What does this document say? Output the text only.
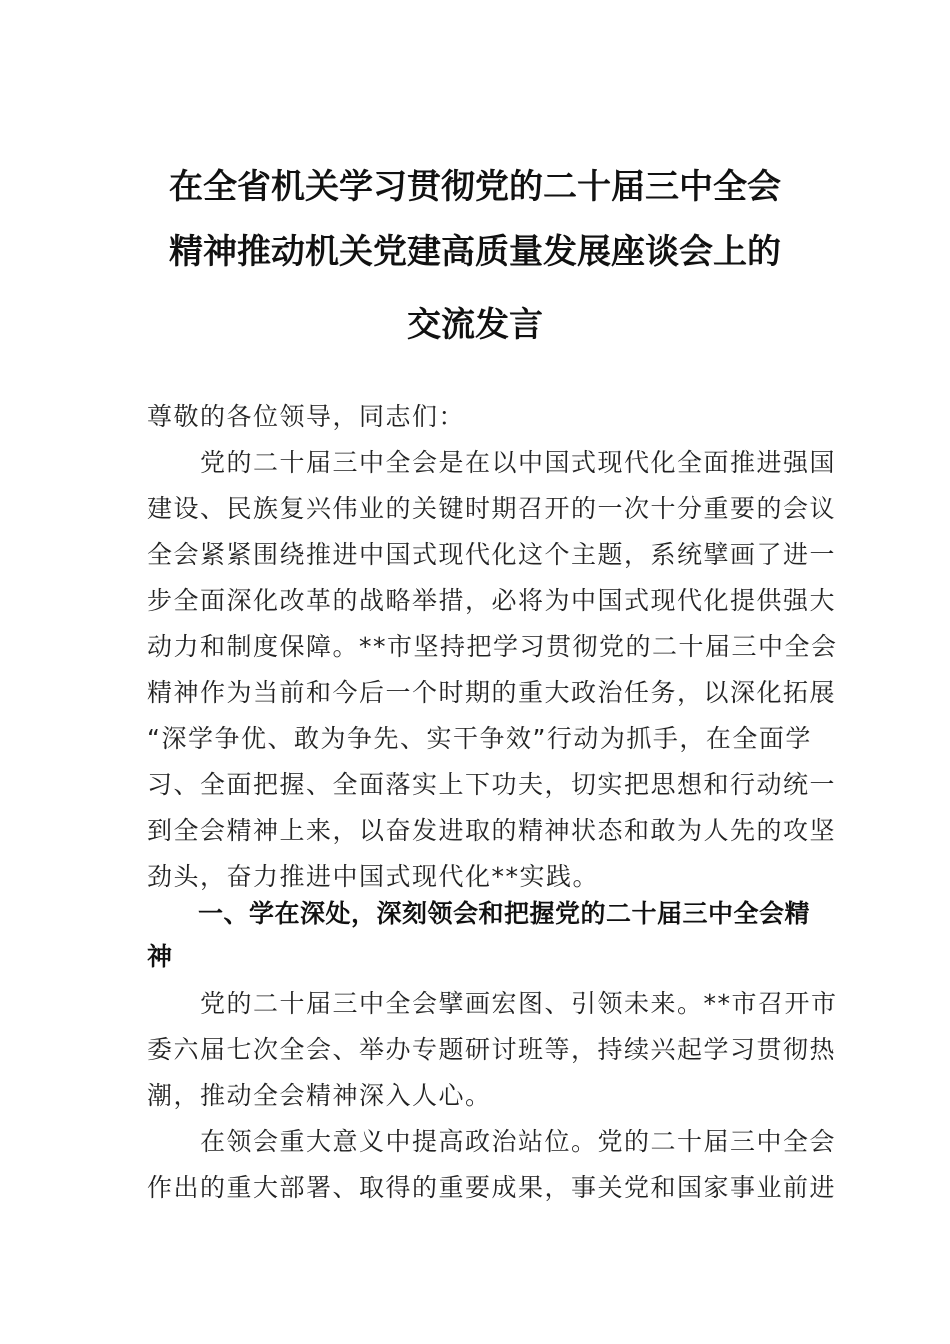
在全省机关学习贯彻党的二十届三中全会
精神推动机关党建高质量发展座谈会上的
交流发言
尊敬的各位领导，同志们：
　　党的二十届三中全会是在以中国式现代化全面推进强国
建设、民族复兴伟业的关键时期召开的一次十分重要的会议
全会紧紧围绕推进中国式现代化这个主题，系统擘画了进一
步全面深化改革的战略举措，必将为中国式现代化提供强大
动力和制度保障。**市坚持把学习贯彻党的二十届三中全会
精神作为当前和今后一个时期的重大政治任务，以深化拓展
“深学争优、敢为争先、实干争效”行动为抓手，在全面学
习、全面把握、全面落实上下功夫，切实把思想和行动统一
到全会精神上来，以奋发进取的精神状态和敢为人先的攻坚
劲头，奋力推进中国式现代化**实践。
　　一、学在深处，深刻领会和把握党的二十届三中全会精
神
　　党的二十届三中全会擘画宏图、引领未来。**市召开市
委六届七次全会、举办专题研讨班等，持续兴起学习贯彻热
潮，推动全会精神深入人心。
　　在领会重大意义中提高政治站位。党的二十届三中全会
作出的重大部署、取得的重要成果，事关党和国家事业前进
